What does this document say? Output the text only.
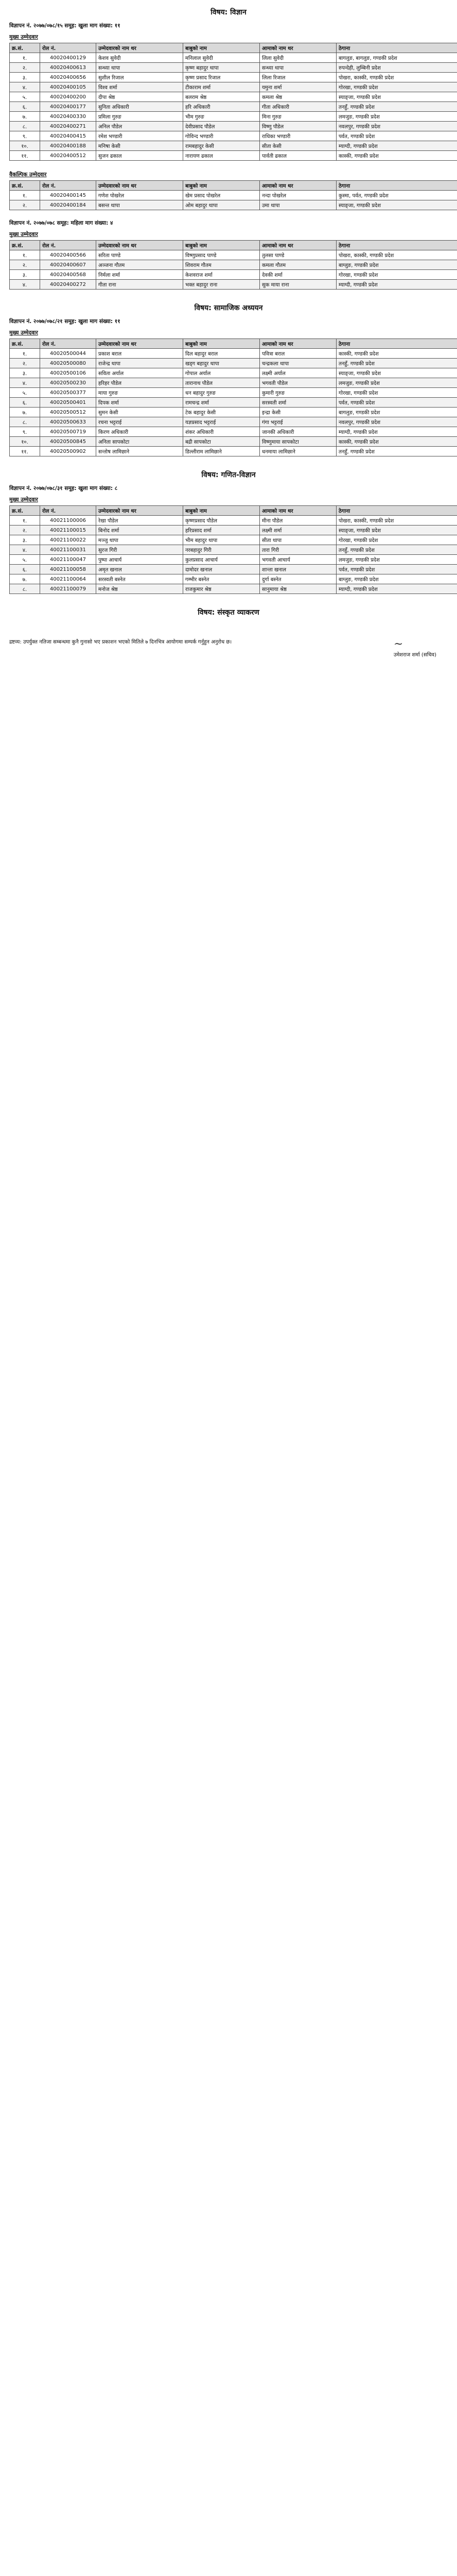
विषय: विज्ञान
विज्ञापन नं. २०७७/०७८/१५ समूह: खुला माग संख्या: ११
मुख्य उम्मेदवार
क्र.सं.	रोल नं.	उम्मेदवारको नाम थर	बाबुको नाम	आमाको नाम थर	ठेगाना
१.	40020400129	केशव सुवेदी	मनिलाल सुवेदी	लिला सुवेदी	बागलुङ, बागलुङ, गण्डकी प्रदेश
२.	40020400613	सन्ध्या थापा	कृष्ण बहादुर थापा	सन्ध्या थापा	रुपन्देही, लुम्बिनी प्रदेश
३.	40020400656	सुशील रिजाल	कृष्ण प्रसाद रिजाल	लिला रिजाल	पोखरा, कास्की, गण्डकी प्रदेश
४.	40020400105	विश्व शर्मा	टीकाराम शर्मा	यमुना शर्मा	गोरखा, गण्डकी प्रदेश
५.	40020400200	दीपा श्रेष्ठ	बलराम श्रेष्ठ	कमला श्रेष्ठ	स्याङ्जा, गण्डकी प्रदेश
६.	40020400177	सुनिता अधिकारी	हरि अधिकारी	गीता अधिकारी	तनहुँ, गण्डकी प्रदेश
७.	40020400330	प्रमिला गुरुङ	भीम गुरुङ	मिना गुरुङ	लमजुङ, गण्डकी प्रदेश
८.	40020400271	अनिल पौडेल	देवीप्रसाद पौडेल	विष्णु पौडेल	नवलपुर, गण्डकी प्रदेश
९.	40020400415	रमेश भण्डारी	गोविन्द भण्डारी	राधिका भण्डारी	पर्वत, गण्डकी प्रदेश
१०.	40020400188	मनिषा केसी	रामबहादुर केसी	सीता केसी	म्याग्दी, गण्डकी प्रदेश
११.	40020400512	सुजन ढकाल	नारायण ढकाल	पार्वती ढकाल	कास्की, गण्डकी प्रदेश
वैकल्पिक उम्मेदवार
क्र.सं.	रोल नं.	उम्मेदवारको नाम थर	बाबुको नाम	आमाको नाम थर	ठेगाना
१.	40020400145	गणेश पोखरेल	खेम प्रसाद पोखरेल	नन्दा पोखरेल	कुस्मा, पर्वत, गण्डकी प्रदेश
२.	40020400184	बसन्त थापा	ओम बहादुर थापा	उमा थापा	स्याङ्जा, गण्डकी प्रदेश
विज्ञापन नं. २०७७/०७८ समूह: महिला माग संख्या: ४
मुख्य उम्मेदवार
क्र.सं.	रोल नं.	उम्मेदवारको नाम थर	बाबुको नाम	आमाको नाम थर	ठेगाना
१.	40020400566	सरिता पाण्डे	विष्णुप्रसाद पाण्डे	तुलसा पाण्डे	पोखरा, कास्की, गण्डकी प्रदेश
२.	40020400607	अञ्जना गौतम	शिवराम गौतम	कमला गौतम	बाग्लुङ, गण्डकी प्रदेश
३.	40020400568	निर्मला शर्मा	केशवराज शर्मा	देवकी शर्मा	गोरखा, गण्डकी प्रदेश
४.	40020400272	गीता राना	भक्त बहादुर राना	सुक माया राना	म्याग्दी, गण्डकी प्रदेश
विषय: सामाजिक अध्ययन
विज्ञापन नं. २०७७/०७८/२१ समूह: खुला माग संख्या: ११
मुख्य उम्मेदवार
क्र.सं.	रोल नं.	उम्मेदवारको नाम थर	बाबुको नाम	आमाको नाम थर	ठेगाना
१.	40020500044	प्रकाश बराल	दिल बहादुर बराल	पवित्रा बराल	कास्की, गण्डकी प्रदेश
२.	40020500080	राजेन्द्र थापा	खड्ग बहादुर थापा	चन्द्रकला थापा	तनहुँ, गण्डकी प्रदेश
३.	40020500106	सविता अर्याल	गोपाल अर्याल	लक्ष्मी अर्याल	स्याङ्जा, गण्डकी प्रदेश
४.	40020500230	हरिहर पौडेल	तारानाथ पौडेल	भगवती पौडेल	लमजुङ, गण्डकी प्रदेश
५.	40020500377	माया गुरुङ	धन बहादुर गुरुङ	कुमारी गुरुङ	गोरखा, गण्डकी प्रदेश
६.	40020500401	दिपक शर्मा	रामचन्द्र शर्मा	सरस्वती शर्मा	पर्वत, गण्डकी प्रदेश
७.	40020500512	सुमन केसी	टेक बहादुर केसी	इन्द्रा केसी	बागलुङ, गण्डकी प्रदेश
८.	40020500633	रचना भट्टराई	यज्ञप्रसाद भट्टराई	गंगा भट्टराई	नवलपुर, गण्डकी प्रदेश
९.	40020500719	किरण अधिकारी	शंकर अधिकारी	जानकी अधिकारी	म्याग्दी, गण्डकी प्रदेश
१०.	40020500845	अनिता सापकोटा	बद्री सापकोटा	विष्णुमाया सापकोटा	कास्की, गण्डकी प्रदेश
११.	40020500902	सन्तोष लामिछाने	डिल्लीराम लामिछाने	धनमाया लामिछाने	तनहुँ, गण्डकी प्रदेश
विषय: गणित-विज्ञान
विज्ञापन नं. २०७७/०७८/३१ समूह: खुला माग संख्या: ८
मुख्य उम्मेदवार
क्र.सं.	रोल नं.	उम्मेदवारको नाम थर	बाबुको नाम	आमाको नाम थर	ठेगाना
१.	40021100006	रेखा पौडेल	कृष्णप्रसाद पौडेल	मीना पौडेल	पोखरा, कास्की, गण्डकी प्रदेश
२.	40021100015	बिनोद शर्मा	हरिप्रसाद शर्मा	लक्ष्मी शर्मा	स्याङ्जा, गण्डकी प्रदेश
३.	40021100022	मञ्जु थापा	भीम बहादुर थापा	सीता थापा	गोरखा, गण्डकी प्रदेश
४.	40021100031	सुरज गिरी	नरबहादुर गिरी	तारा गिरी	तनहुँ, गण्डकी प्रदेश
५.	40021100047	पुष्पा आचार्य	कुलप्रसाद आचार्य	भगवती आचार्य	लमजुङ, गण्डकी प्रदेश
६.	40021100058	अमृत खनाल	दामोदर खनाल	शान्ता खनाल	पर्वत, गण्डकी प्रदेश
७.	40021100064	सरस्वती बस्नेत	गम्भीर बस्नेत	दुर्गा बस्नेत	बाग्लुङ, गण्डकी प्रदेश
८.	40021100079	मनोज श्रेष्ठ	राजकुमार श्रेष्ठ	सानुमाया श्रेष्ठ	म्याग्दी, गण्डकी प्रदेश
विषय: संस्कृत व्याकरण
~
उमेशराज शर्मा (सचिव)
द्रष्टव्य: उपर्युक्त नतिजा सम्बन्धमा कुनै गुनासो भए प्रकाशन भएको मितिले ७ दिनभित्र आयोगमा सम्पर्क गर्नुहुन अनुरोध छ।
